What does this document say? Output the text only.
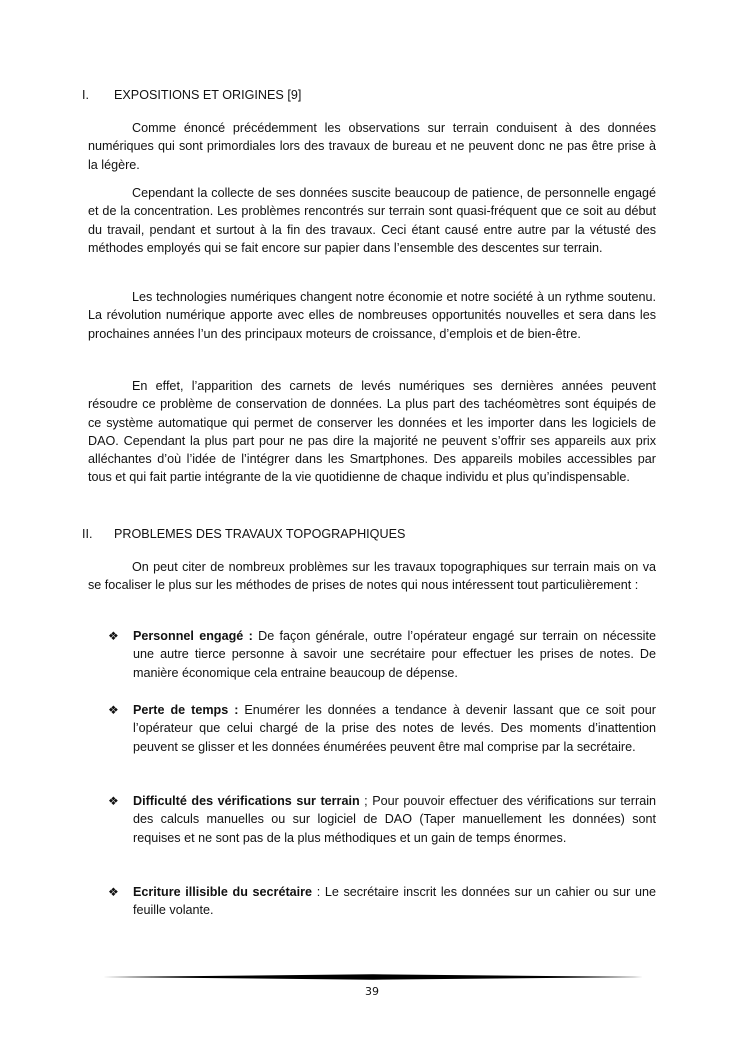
I. EXPOSITIONS ET ORIGINES [9]

Comme énoncé précédemment les observations sur terrain conduisent à des données numériques qui sont primordiales lors des travaux de bureau et ne peuvent donc ne pas être prise à la légère.

Cependant la collecte de ses données suscite beaucoup de patience, de personnelle engagé et de la concentration. Les problèmes rencontrés sur terrain sont quasi-fréquent que ce soit au début du travail, pendant et surtout à la fin des travaux. Ceci étant causé entre autre par la vétusté des méthodes employés qui se fait encore sur papier dans l’ensemble des descentes sur terrain.

Les technologies numériques changent notre économie et notre société à un rythme soutenu. La révolution numérique apporte avec elles de nombreuses opportunités nouvelles et sera dans les prochaines années l’un des principaux moteurs de croissance, d’emplois et de bien-être.

En effet, l’apparition des carnets de levés numériques ses dernières années peuvent résoudre ce problème de conservation de données. La plus part des tachéomètres sont équipés de ce système automatique qui permet de conserver les données et les importer dans les logiciels de DAO. Cependant la plus part pour ne pas dire la majorité ne peuvent s’offrir ses appareils aux prix alléchantes d’où l’idée de l’intégrer dans les Smartphones. Des appareils mobiles accessibles par tous et qui fait partie intégrante de la vie quotidienne de chaque individu et plus qu’indispensable.

II. PROBLEMES DES TRAVAUX TOPOGRAPHIQUES

On peut citer de nombreux problèmes sur les travaux topographiques sur terrain mais on va se focaliser le plus sur les méthodes de prises de notes qui nous intéressent tout particulièrement :

❖ Personnel engagé : De façon générale, outre l’opérateur engagé sur terrain on nécessite une autre tierce personne à savoir une secrétaire pour effectuer les prises de notes. De manière économique cela entraine beaucoup de dépense.
❖ Perte de temps : Enumérer les données a tendance à devenir lassant que ce soit pour l’opérateur que celui chargé de la prise des notes de levés. Des moments d’inattention peuvent se glisser et les données énumérées peuvent être mal comprise par la secrétaire.
❖ Difficulté des vérifications sur terrain ; Pour pouvoir effectuer des vérifications sur terrain des calculs manuelles ou sur logiciel de DAO (Taper manuellement les données) sont requises et ne sont pas de la plus méthodiques et un gain de temps énormes.
❖ Ecriture illisible du secrétaire : Le secrétaire inscrit les données sur un cahier ou sur une feuille volante.
39
